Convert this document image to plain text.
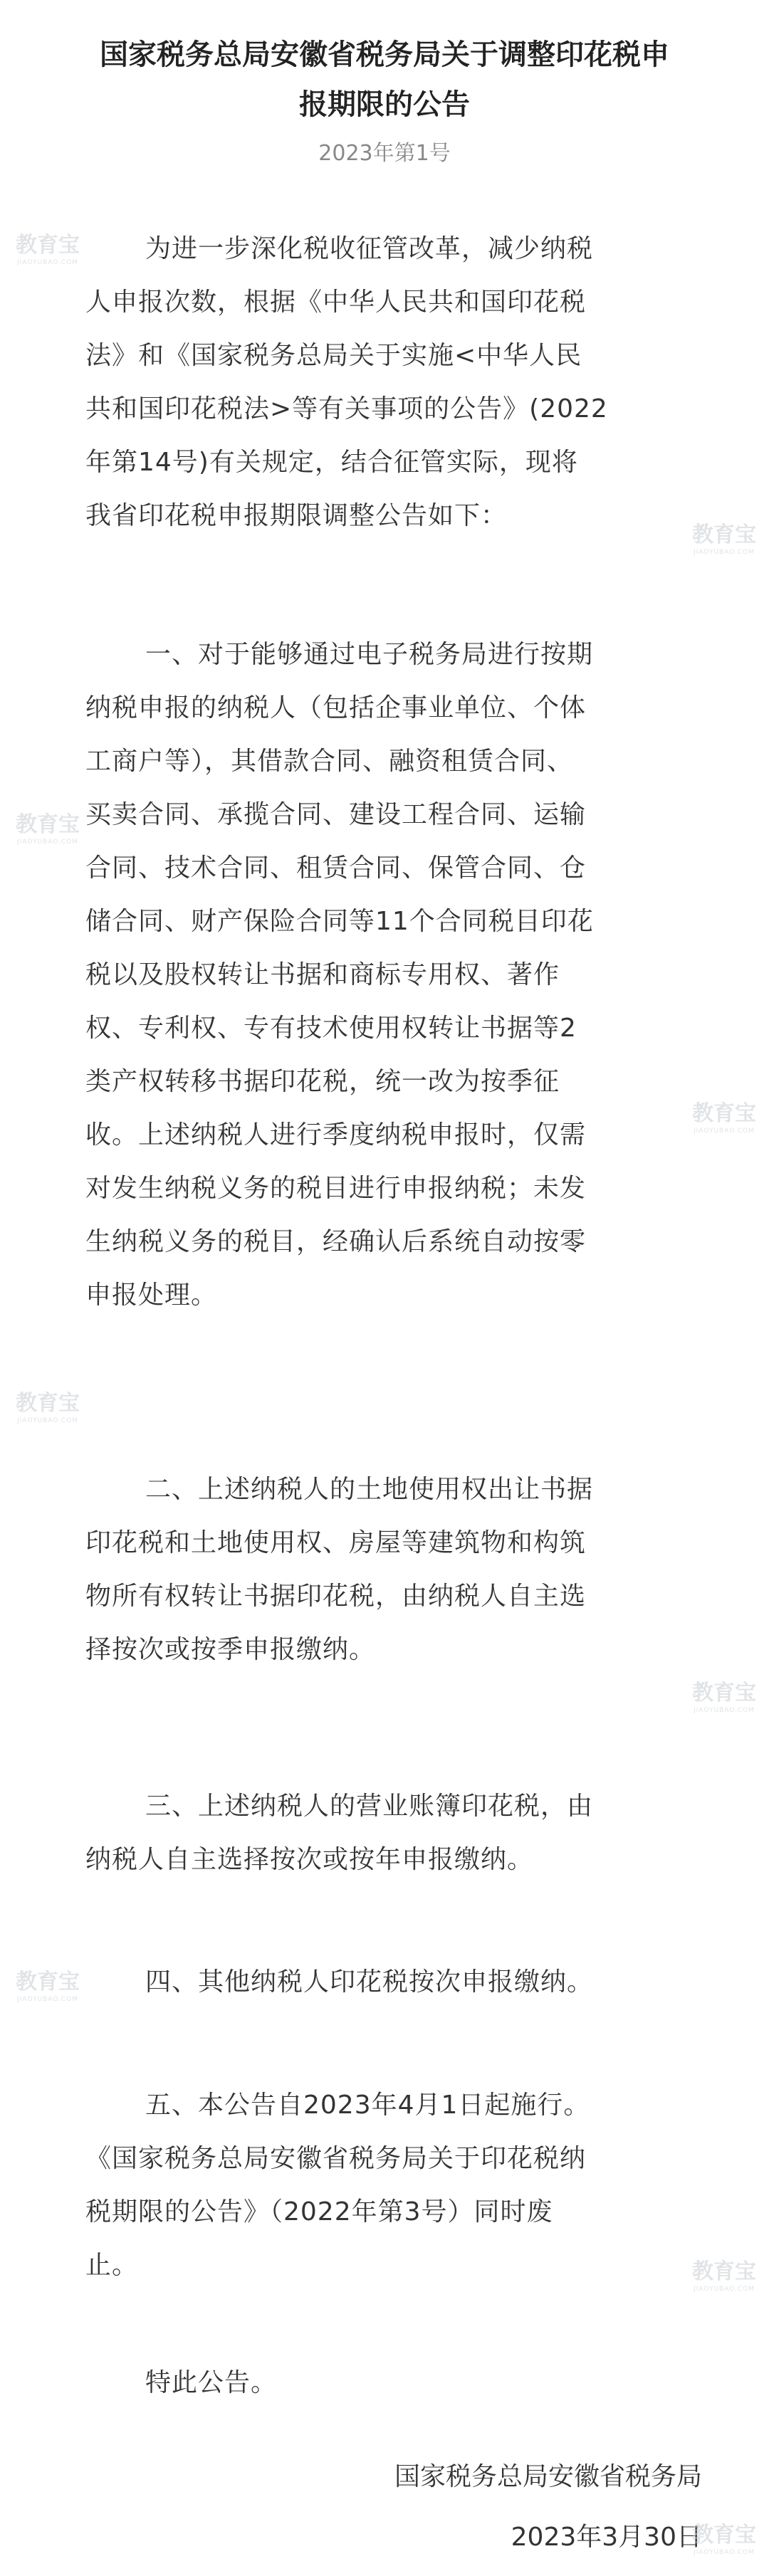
国家税务总局安徽省税务局关于调整印花税申
报期限的公告
2023年第1号

为进一步深化税收征管改革，减少纳税
人申报次数，根据《中华人民共和国印花税
法》和《国家税务总局关于实施<中华人民
共和国印花税法>等有关事项的公告》(2022
年第14号)有关规定，结合征管实际，现将
我省印花税申报期限调整公告如下：

一、对于能够通过电子税务局进行按期
纳税申报的纳税人（包括企事业单位、个体
工商户等），其借款合同、融资租赁合同、
买卖合同、承揽合同、建设工程合同、运输
合同、技术合同、租赁合同、保管合同、仓
储合同、财产保险合同等11个合同税目印花
税以及股权转让书据和商标专用权、著作
权、专利权、专有技术使用权转让书据等2
类产权转移书据印花税，统一改为按季征
收。上述纳税人进行季度纳税申报时，仅需
对发生纳税义务的税目进行申报纳税；未发
生纳税义务的税目，经确认后系统自动按零
申报处理。

二、上述纳税人的土地使用权出让书据
印花税和土地使用权、房屋等建筑物和构筑
物所有权转让书据印花税，由纳税人自主选
择按次或按季申报缴纳。

三、上述纳税人的营业账簿印花税，由
纳税人自主选择按次或按年申报缴纳。

四、其他纳税人印花税按次申报缴纳。

五、本公告自2023年4月1日起施行。
《国家税务总局安徽省税务局关于印花税纳
税期限的公告》（2022年第3号）同时废
止。

特此公告。

国家税务总局安徽省税务局
2023年3月30日
教育宝
JIAOYUBAO.COM
教育宝
JIAOYUBAO.COM
教育宝
JIAOYUBAO.COM
教育宝
JIAOYUBAO.COM
教育宝
JIAOYUBAO.COM
教育宝
JIAOYUBAO.COM
教育宝
JIAOYUBAO.COM
教育宝
JIAOYUBAO.COM
教育宝
JIAOYUBAO.COM
